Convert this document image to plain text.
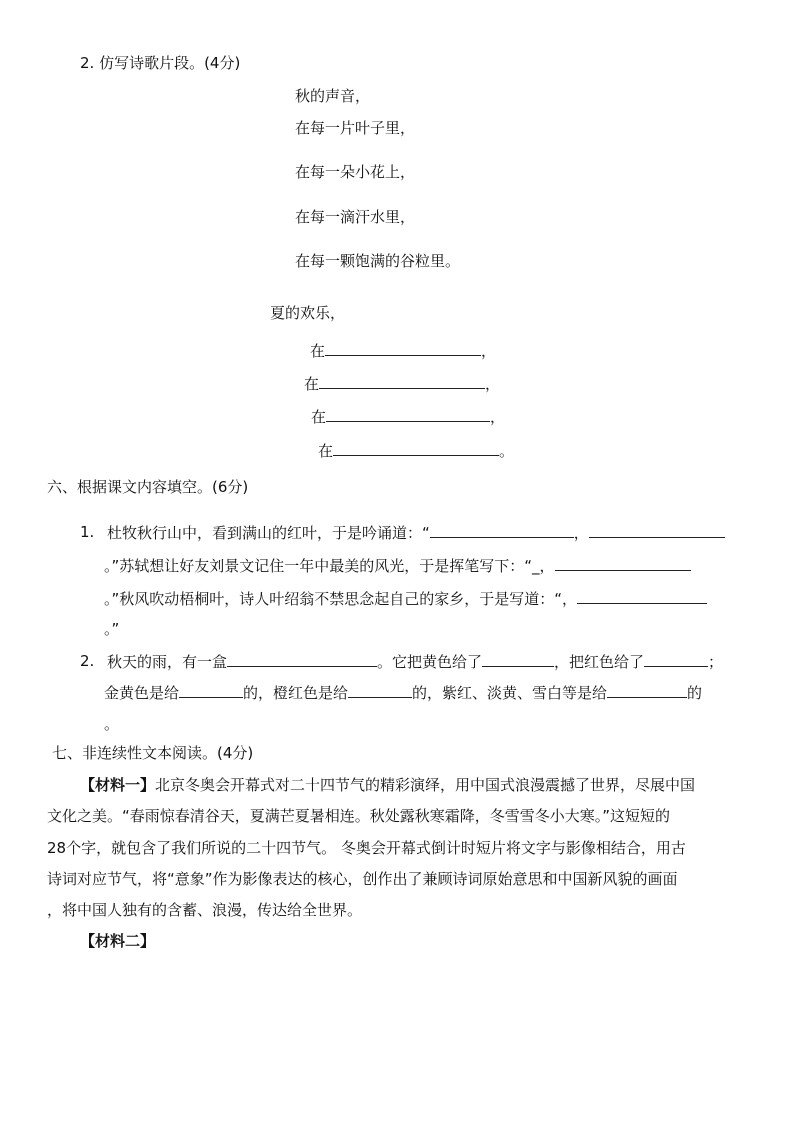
2. 仿写诗歌片段。(4分)
秋的声音，
在每一片叶子里，
在每一朵小花上，
在每一滴汗水里，
在每一颗饱满的谷粒里。
夏的欢乐，
在	，
在	，
在	，
在	。
六、根据课文内容填空。(6分)
1. 杜牧秋行山中，看到满山的红叶，于是吟诵道：“	，
。”苏轼想让好友刘景文记住一年中最美的风光，于是挥笔写下：“_，
。”秋风吹动梧桐叶，诗人叶绍翁不禁思念起自己的家乡，于是写道：“，
。”
2. 秋天的雨，有一盒	。它把黄色给了	，把红色给了	；
金黄色是给	的，橙红色是给	的，紫红、淡黄、雪白等是给	的
。
七、非连续性文本阅读。(4分)
【材料一】北京冬奥会开幕式对二十四节气的精彩演绎，用中国式浪漫震撼了世界，尽展中国
文化之美。“春雨惊春清谷天，夏满芒夏暑相连。秋处露秋寒霜降，冬雪雪冬小大寒。”这短短的
28个字，就包含了我们所说的二十四节气。 冬奥会开幕式倒计时短片将文字与影像相结合，用古
诗词对应节气，将“意象”作为影像表达的核心，创作出了兼顾诗词原始意思和中国新风貌的画面
，将中国人独有的含蓄、浪漫，传达给全世界。
【材料二】
